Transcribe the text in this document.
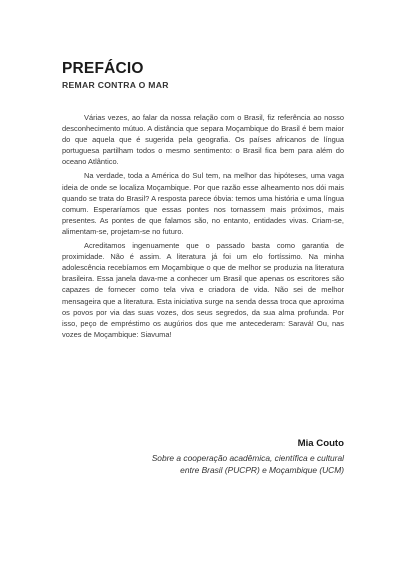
PREFÁCIO
REMAR CONTRA O MAR

Várias vezes, ao falar da nossa relação com o Brasil, fiz referência ao nosso desconhecimento mútuo. A distância que separa Moçambique do Brasil é bem maior do que aquela que é sugerida pela geografia. Os países africanos de língua portuguesa partilham todos o mesmo sentimento: o Brasil fica bem para além do oceano Atlântico.

Na verdade, toda a América do Sul tem, na melhor das hipóteses, uma vaga ideia de onde se localiza Moçambique. Por que razão esse alheamento nos dói mais quando se trata do Brasil? A resposta parece óbvia: temos uma história e uma língua comum. Esperaríamos que essas pontes nos tornassem mais próximos, mais presentes. As pontes de que falamos são, no entanto, entidades vivas. Criam-se, alimentam-se, projetam-se no futuro.

Acreditamos ingenuamente que o passado basta como garantia de proximidade. Não é assim. A literatura já foi um elo fortíssimo. Na minha adolescência recebíamos em Moçambique o que de melhor se produzia na literatura brasileira. Essa janela dava-me a conhecer um Brasil que apenas os escritores são capazes de fornecer como tela viva e criadora de vida. Não sei de melhor mensageira que a literatura. Esta iniciativa surge na senda dessa troca que aproxima os povos por via das suas vozes, dos seus segredos, da sua alma profunda. Por isso, peço de empréstimo os augúrios dos que me antecederam: Saravá! Ou, nas vozes de Moçambique: Siavuma!

Mia Couto

Sobre a cooperação acadêmica, científica e cultural

entre Brasil (PUCPR) e Moçambique (UCM)
